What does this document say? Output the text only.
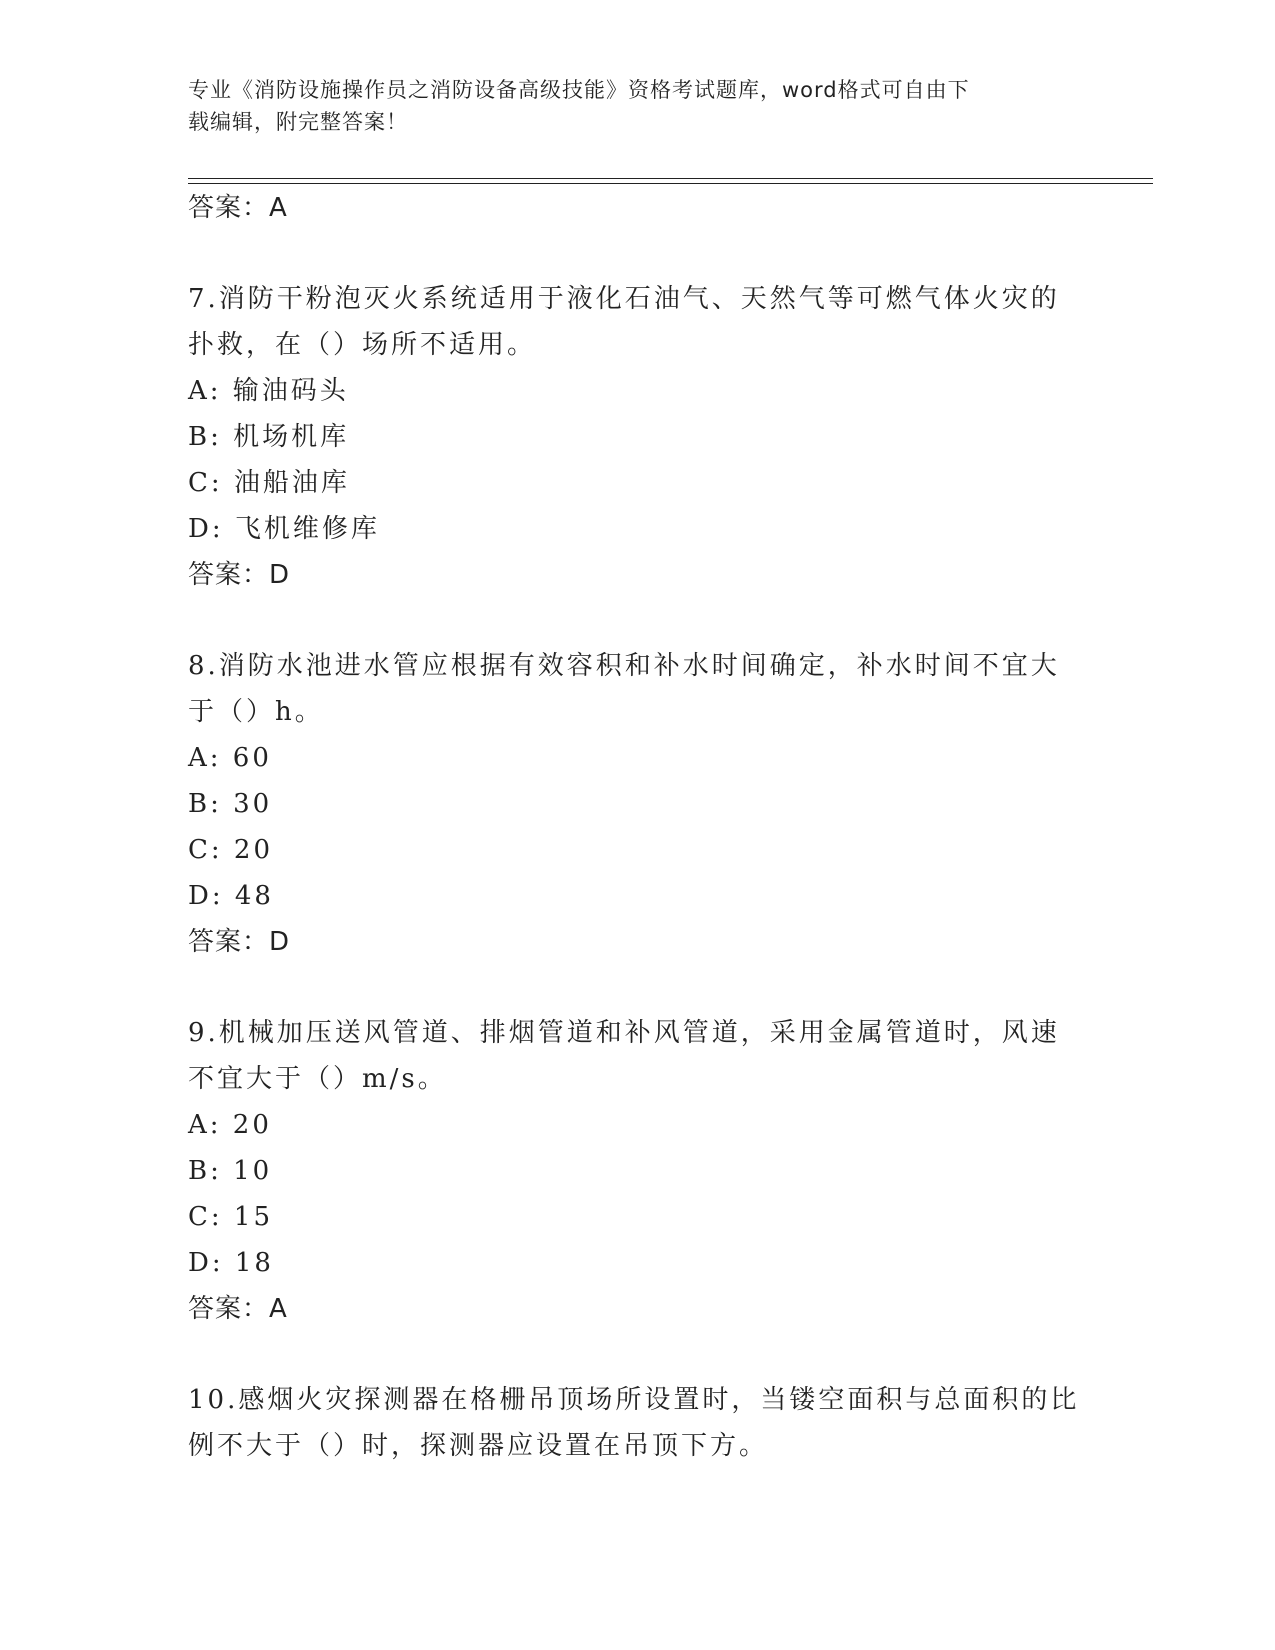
专业《消防设施操作员之消防设备高级技能》资格考试题库，word格式可自由下
载编辑，附完整答案！
答案：A
7.消防干粉泡灭火系统适用于液化石油气、天然气等可燃气体火灾的
扑救，在（）场所不适用。
A: 输油码头
B: 机场机库
C: 油船油库
D: 飞机维修库
答案：D
8.消防水池进水管应根据有效容积和补水时间确定，补水时间不宜大
于（）h。
A: 60
B: 30
C: 20
D: 48
答案：D
9.机械加压送风管道、排烟管道和补风管道，采用金属管道时，风速
不宜大于（）m/s。
A: 20
B: 10
C: 15
D: 18
答案：A
10.感烟火灾探测器在格栅吊顶场所设置时，当镂空面积与总面积的比
例不大于（）时，探测器应设置在吊顶下方。
